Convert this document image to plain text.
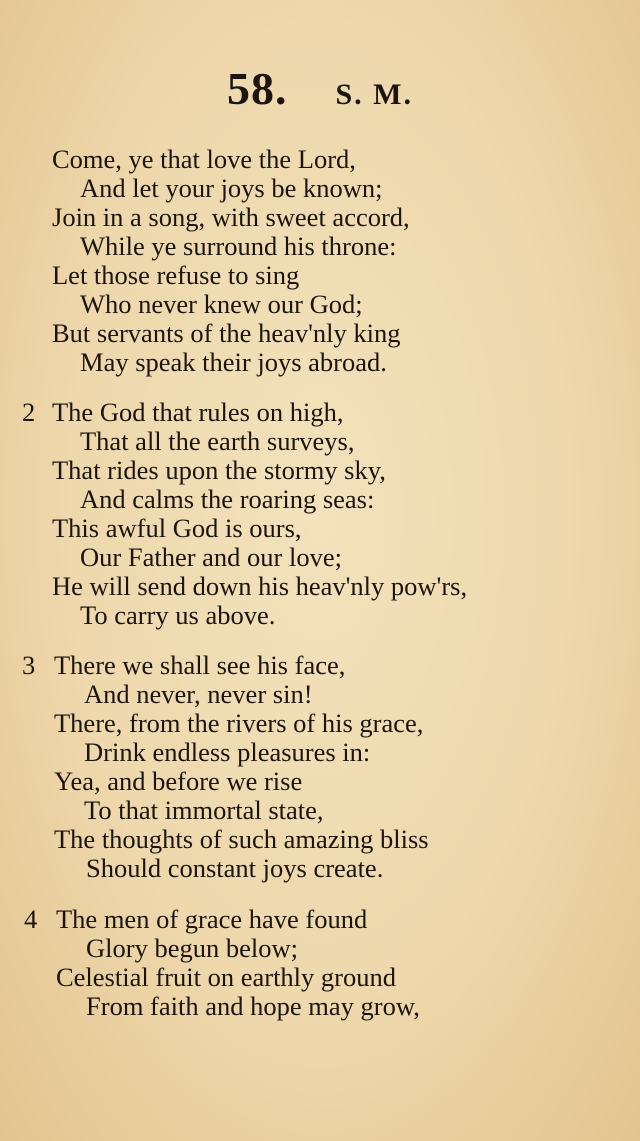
58. S. M.
Come, ye that love the Lord,
And let your joys be known;
Join in a song, with sweet accord,
While ye surround his throne:
Let those refuse to sing
Who never knew our God;
But servants of the heav'nly king
May speak their joys abroad.
2 The God that rules on high,
That all the earth surveys,
That rides upon the stormy sky,
And calms the roaring seas:
This awful God is ours,
Our Father and our love;
He will send down his heav'nly pow'rs,
To carry us above.
3 There we shall see his face,
And never, never sin!
There, from the rivers of his grace,
Drink endless pleasures in:
Yea, and before we rise
To that immortal state,
The thoughts of such amazing bliss
Should constant joys create.
4 The men of grace have found
Glory begun below;
Celestial fruit on earthly ground
From faith and hope may grow,
